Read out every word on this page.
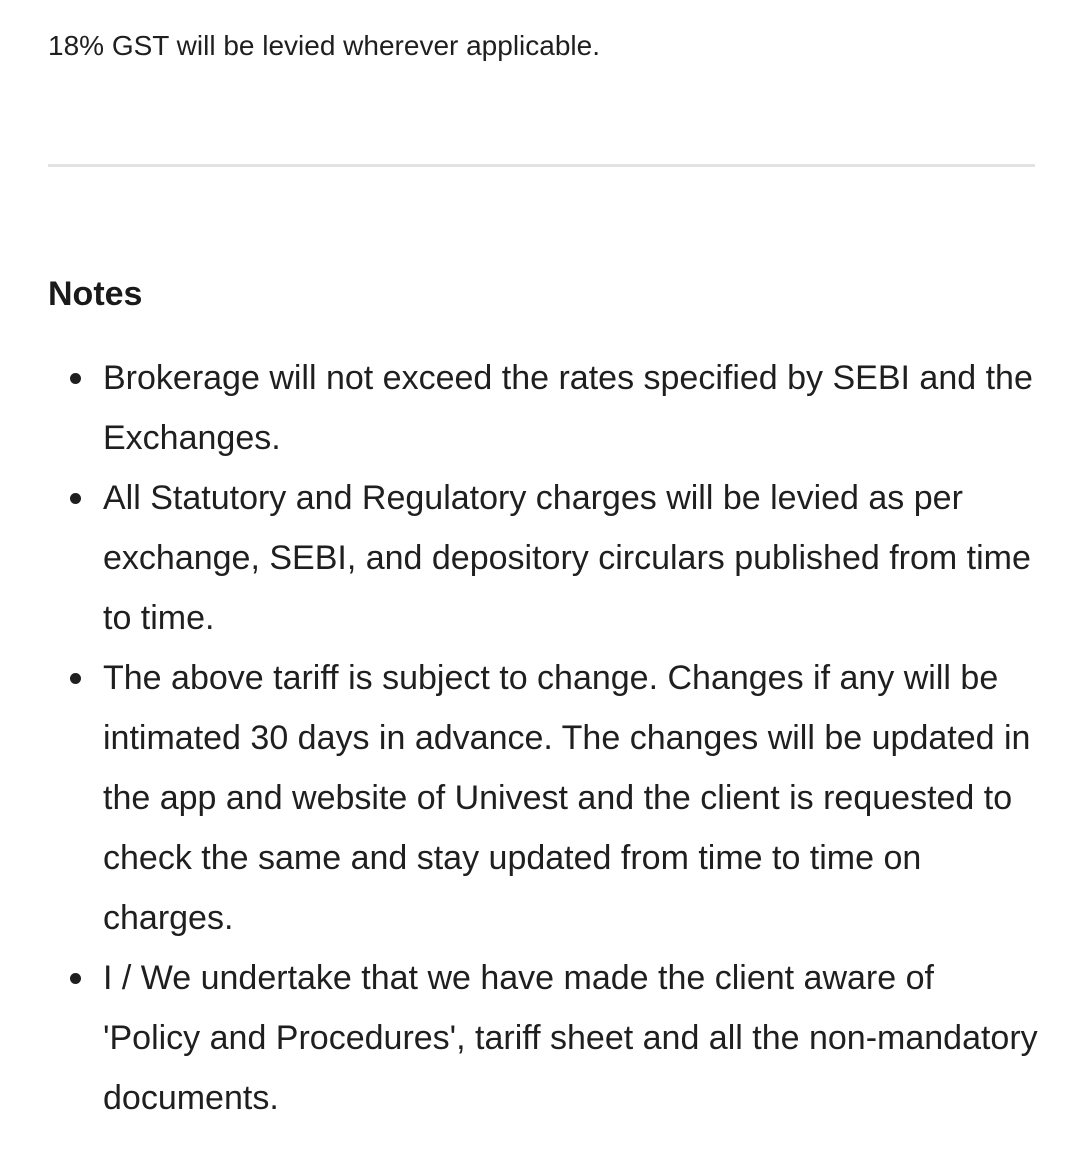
18% GST will be levied wherever applicable.

Notes
Brokerage will not exceed the rates specified by SEBI and the Exchanges.
All Statutory and Regulatory charges will be levied as per exchange, SEBI, and depository circulars published from time to time.
The above tariff is subject to change. Changes if any will be intimated 30 days in advance. The changes will be updated in the app and website of Univest and the client is requested to check the same and stay updated from time to time on charges.
I / We undertake that we have made the client aware of 'Policy and Procedures', tariff sheet and all the non-mandatory documents.
